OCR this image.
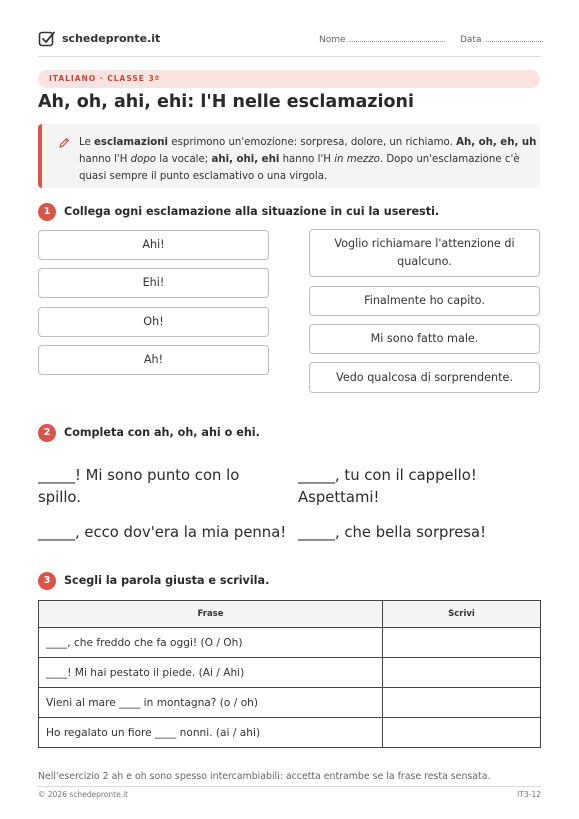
schedepronte.it	Nome	Data
ITALIANO · CLASSE 3ª
Ah, oh, ahi, ehi: l'H nelle esclamazioni
Le esclamazioni esprimono un'emozione: sorpresa, dolore, un richiamo. Ah, oh, eh, uh hanno l'H dopo la vocale; ahi, ohi, ehi hanno l'H in mezzo. Dopo un'esclamazione c'è quasi sempre il punto esclamativo o una virgola.
1	Collega ogni esclamazione alla situazione in cui la useresti.
Ahi!
Ehi!
Oh!
Ah!
Voglio richiamare l'attenzione di qualcuno.
Finalmente ho capito.
Mi sono fatto male.
Vedo qualcosa di sorprendente.
2	Completa con ah, oh, ahi o ehi.
_____! Mi sono punto con lo spillo.
_____, tu con il cappello! Aspettami!
_____, ecco dov'era la mia penna! _____, che bella sorpresa!
3	Scegli la parola giusta e scrivila.
Frase	Scrivi
____, che freddo che fa oggi! (O / Oh)	
____! Mi hai pestato il piede. (Ai / Ahi)	
Vieni al mare ____ in montagna? (o / oh)	
Ho regalato un fiore ____ nonni. (ai / ahi)	
Nell'esercizio 2 ah e oh sono spesso intercambiabili: accetta entrambe se la frase resta sensata.
© 2026 schedepronte.it	IT3-12
